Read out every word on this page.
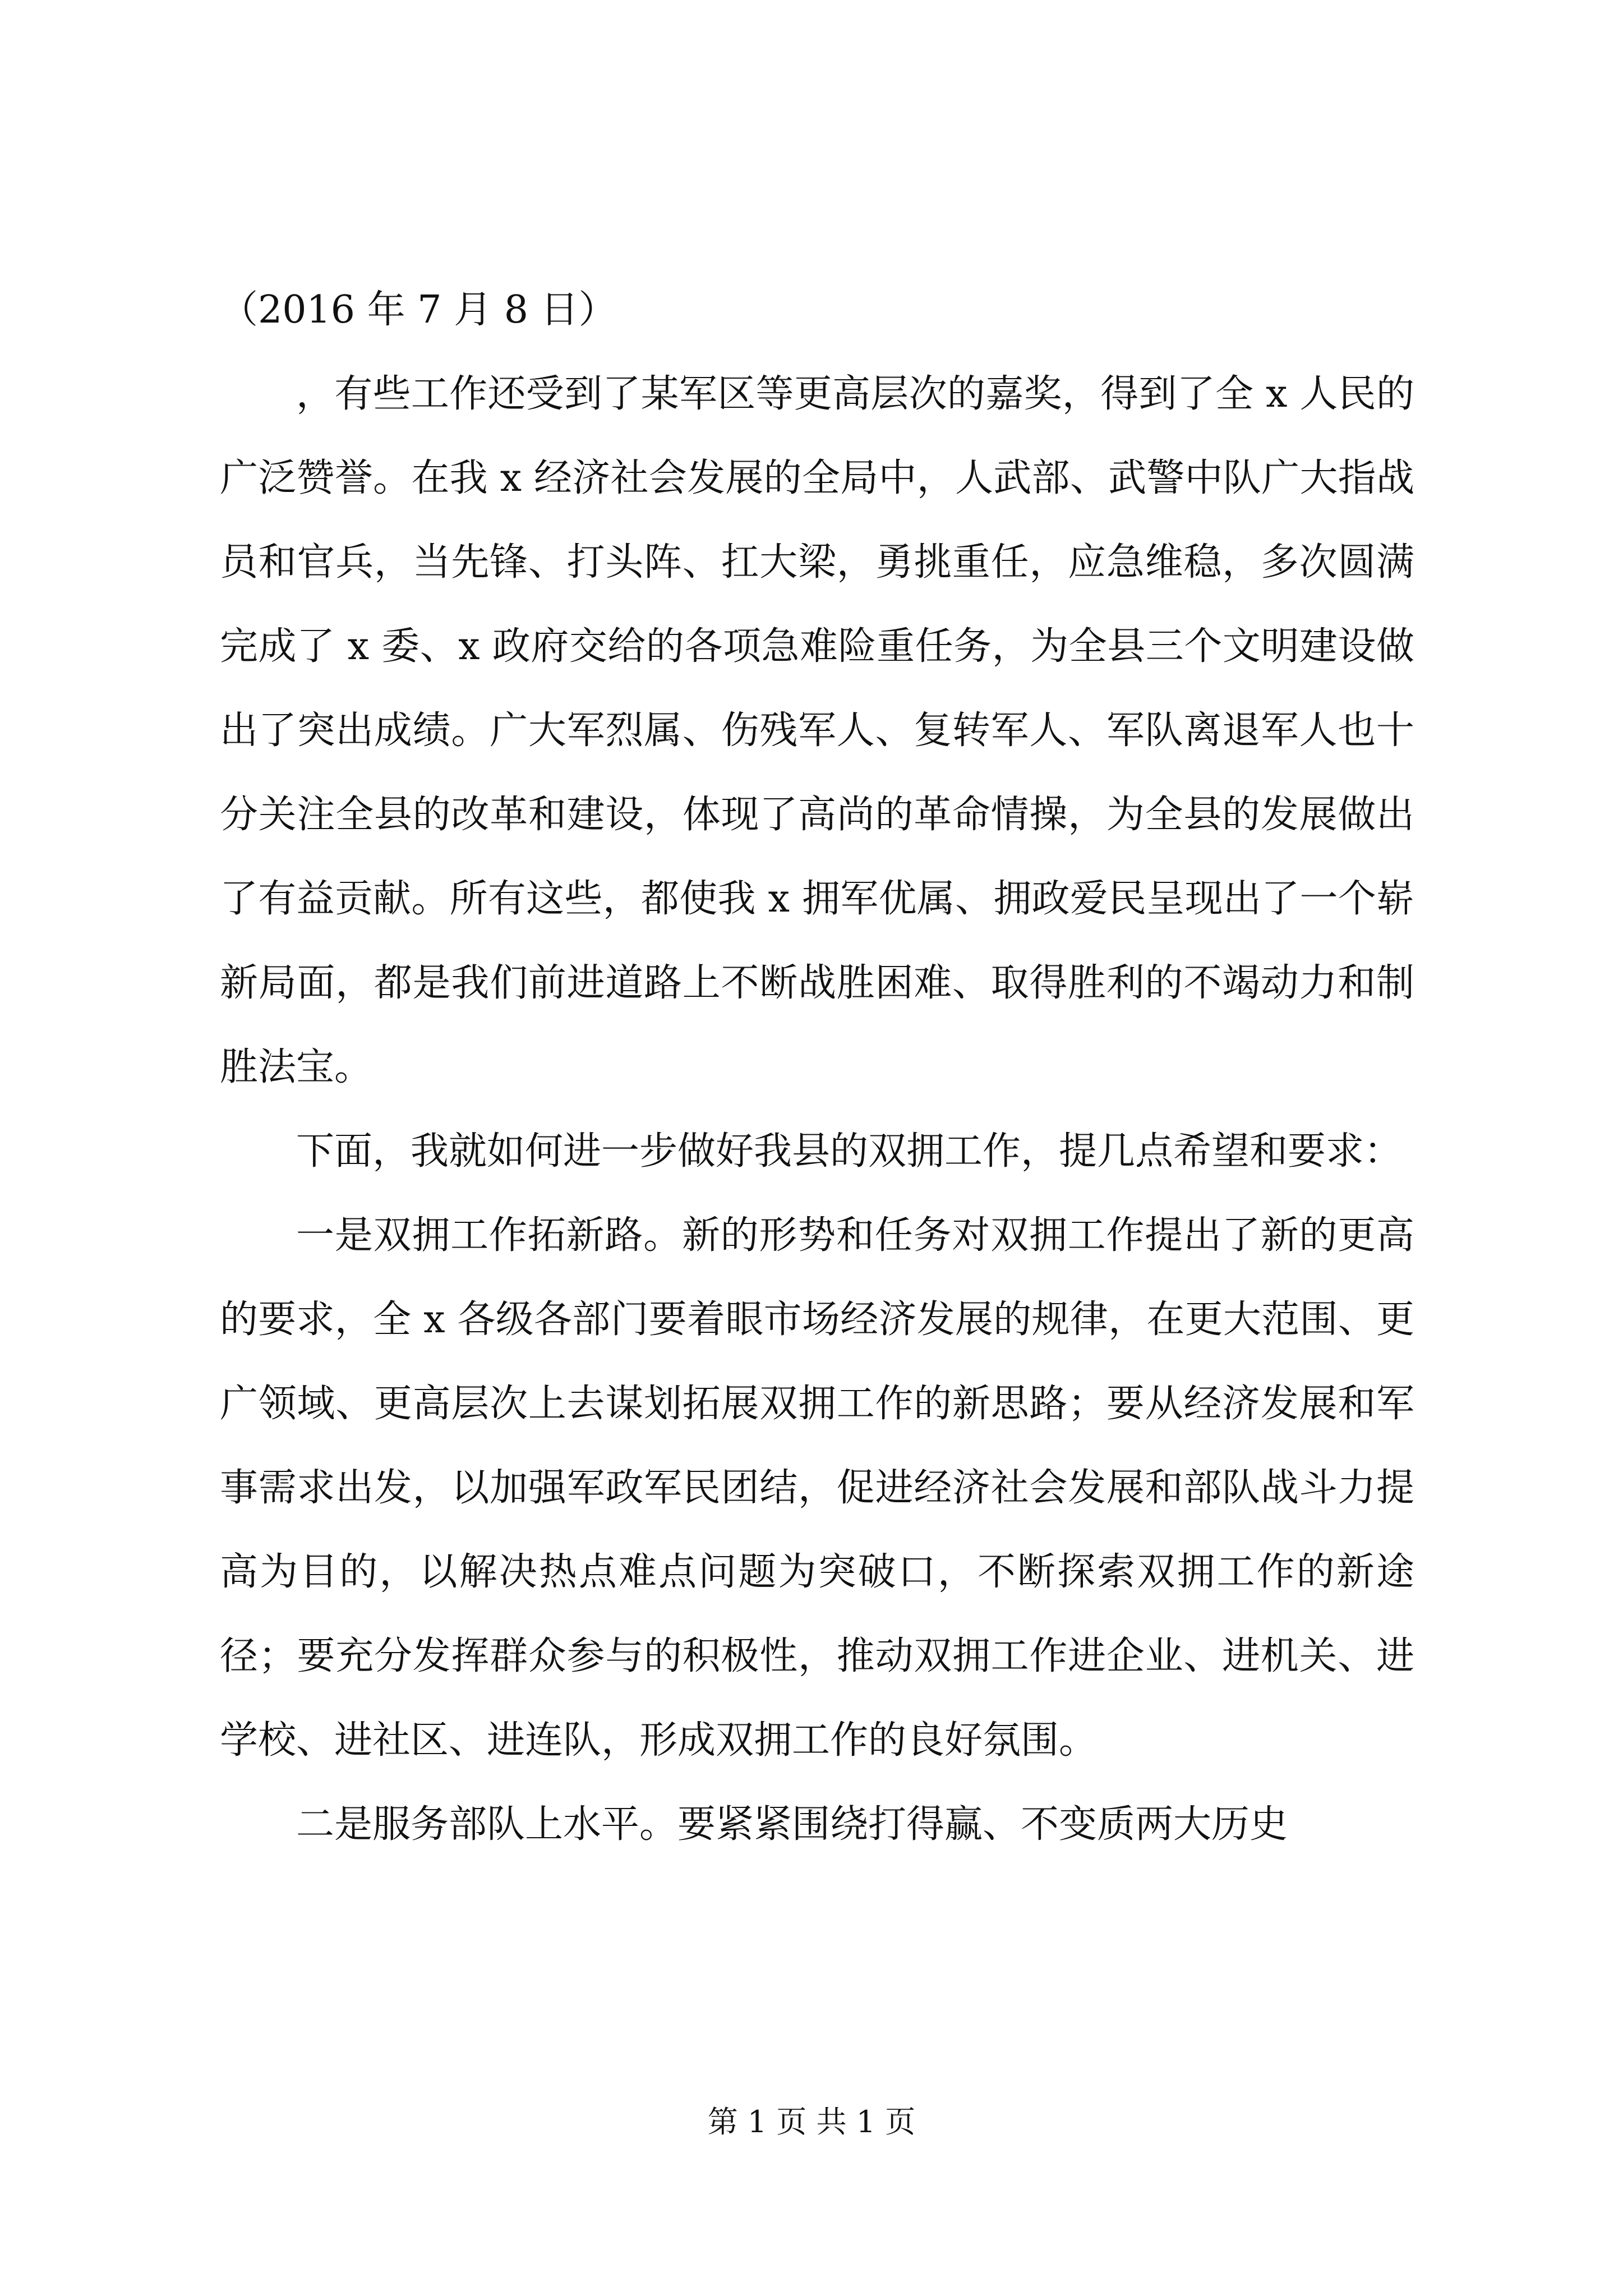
（2016 年 7 月 8 日）

，有些工作还受到了某军区等更高层次的嘉奖，得到了全 x 人民的广泛赞誉。在我 x 经济社会发展的全局中，人武部、武警中队广大指战员和官兵，当先锋、打头阵、扛大梁，勇挑重任，应急维稳，多次圆满完成了 x 委、x 政府交给的各项急难险重任务，为全县三个文明建设做出了突出成绩。广大军烈属、伤残军人、复转军人、军队离退军人也十分关注全县的改革和建设，体现了高尚的革命情操，为全县的发展做出了有益贡献。所有这些，都使我 x 拥军优属、拥政爱民呈现出了一个崭新局面，都是我们前进道路上不断战胜困难、取得胜利的不竭动力和制胜法宝。

下面，我就如何进一步做好我县的双拥工作，提几点希望和要求：

一是双拥工作拓新路。新的形势和任务对双拥工作提出了新的更高的要求，全 x 各级各部门要着眼市场经济发展的规律，在更大范围、更广领域、更高层次上去谋划拓展双拥工作的新思路；要从经济发展和军事需求出发，以加强军政军民团结，促进经济社会发展和部队战斗力提高为目的，以解决热点难点问题为突破口，不断探索双拥工作的新途径；要充分发挥群众参与的积极性，推动双拥工作进企业、进机关、进学校、进社区、进连队，形成双拥工作的良好氛围。

二是服务部队上水平。要紧紧围绕打得赢、不变质两大历史

第 1 页 共 1 页
